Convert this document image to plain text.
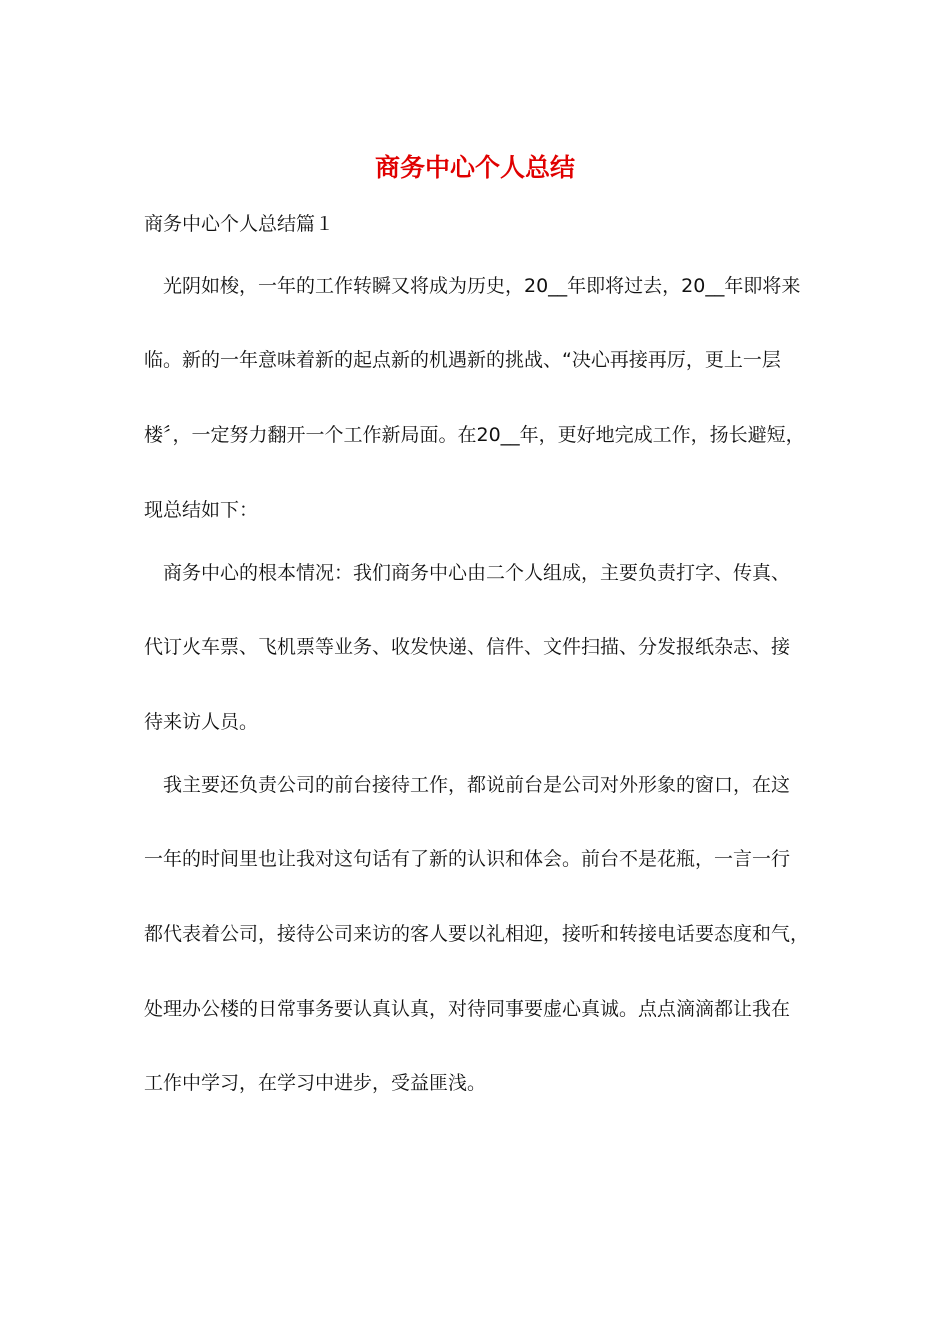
商务中心个人总结

商务中心个人总结篇１

光阴如梭，一年的工作转瞬又将成为历史，20__年即将过去，20__年即将来

临。新的一年意味着新的起点新的机遇新的挑战、“决心再接再厉，更上一层

楼〞，一定努力翻开一个工作新局面。在20__年，更好地完成工作，扬长避短，

现总结如下：

商务中心的根本情况：我们商务中心由二个人组成，主要负责打字、传真、

代订火车票、飞机票等业务、收发快递、信件、文件扫描、分发报纸杂志、接

待来访人员。

我主要还负责公司的前台接待工作，都说前台是公司对外形象的窗口，在这

一年的时间里也让我对这句话有了新的认识和体会。前台不是花瓶，一言一行

都代表着公司，接待公司来访的客人要以礼相迎，接听和转接电话要态度和气，

处理办公楼的日常事务要认真认真，对待同事要虚心真诚。点点滴滴都让我在

工作中学习，在学习中进步，受益匪浅。
